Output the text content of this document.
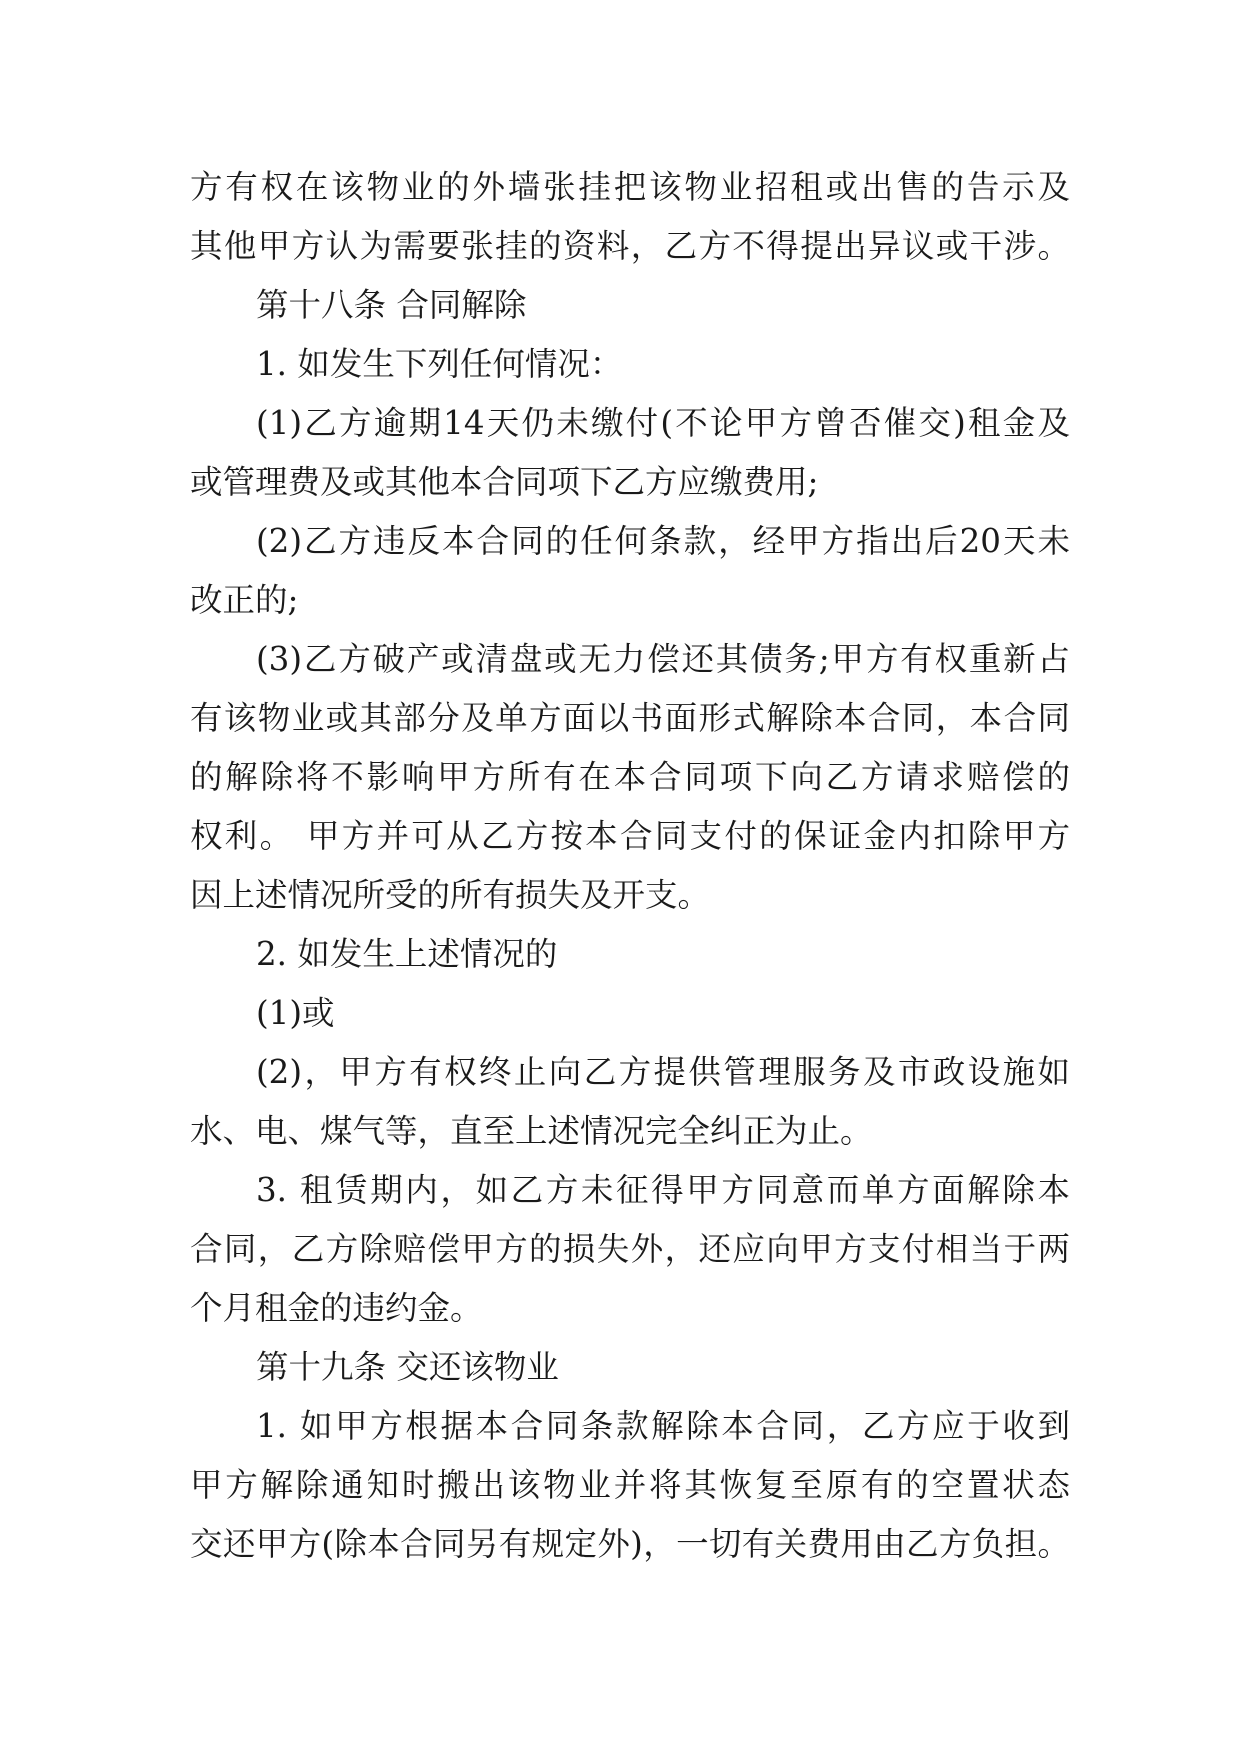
方有权在该物业的外墙张挂把该物业招租或出售的告示及
其他甲方认为需要张挂的资料，乙方不得提出异议或干涉。
第十八条 合同解除
1. 如发生下列任何情况：
(1)乙方逾期14天仍未缴付(不论甲方曾否催交)租金及
或管理费及或其他本合同项下乙方应缴费用;
(2)乙方违反本合同的任何条款，经甲方指出后20天未
改正的;
(3)乙方破产或清盘或无力偿还其债务;甲方有权重新占
有该物业或其部分及单方面以书面形式解除本合同，本合同
的解除将不影响甲方所有在本合同项下向乙方请求赔偿的
权利。 甲方并可从乙方按本合同支付的保证金内扣除甲方
因上述情况所受的所有损失及开支。
2. 如发生上述情况的
(1)或
(2)，甲方有权终止向乙方提供管理服务及市政设施如
水、电、煤气等，直至上述情况完全纠正为止。
3. 租赁期内，如乙方未征得甲方同意而单方面解除本
合同，乙方除赔偿甲方的损失外，还应向甲方支付相当于两
个月租金的违约金。
第十九条 交还该物业
1. 如甲方根据本合同条款解除本合同，乙方应于收到
甲方解除通知时搬出该物业并将其恢复至原有的空置状态
交还甲方(除本合同另有规定外)，一切有关费用由乙方负担。
